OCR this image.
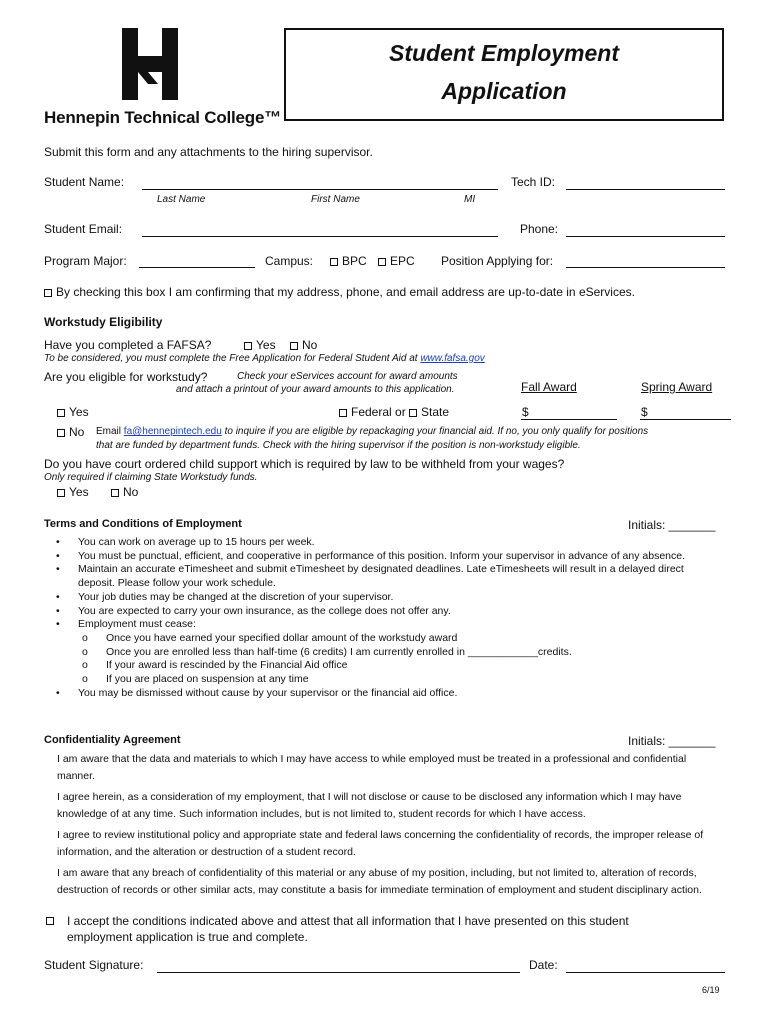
Hennepin Technical College™
Student Employment
Application
Submit this form and any attachments to the hiring supervisor.
Student Name:
Last Name	First Name	MI
Tech ID:
Student Email:	Phone:
Program Major:	Campus:	BPC	EPC Position Applying for:
By checking this box I am confirming that my address, phone, and email address are up-to-date in eServices.
Workstudy Eligibility
Have you completed a FAFSA?	Yes	No
To be considered, you must complete the Free Application for Federal Student Aid at www.fafsa.gov
Are you eligible for workstudy?	Check your eServices account for award amounts
and attach a printout of your award amounts to this application.	Fall Award	Spring Award
Yes	Federal or State	$	$
No Email fa@hennepintech.edu to inquire if you are eligible by repackaging your financial aid. If no, you only qualify for positions
that are funded by department funds. Check with the hiring supervisor if the position is non-workstudy eligible.
Do you have court ordered child support which is required by law to be withheld from your wages?
Only required if claiming State Workstudy funds.
Yes	No
Terms and Conditions of Employment	Initials: _______
• You can work on average up to 15 hours per week.
• You must be punctual, efficient, and cooperative in performance of this position. Inform your supervisor in advance of any absence.
• Maintain an accurate eTimesheet and submit eTimesheet by designated deadlines. Late eTimesheets will result in a delayed direct deposit. Please follow your work schedule.
• Your job duties may be changed at the discretion of your supervisor.
• You are expected to carry your own insurance, as the college does not offer any.
• Employment must cease:
o Once you have earned your specified dollar amount of the workstudy award
o Once you are enrolled less than half-time (6 credits) I am currently enrolled in ____________credits.
o If your award is rescinded by the Financial Aid office
o If you are placed on suspension at any time
• You may be dismissed without cause by your supervisor or the financial aid office.
Confidentiality Agreement	Initials: _______

I am aware that the data and materials to which I may have access to while employed must be treated in a professional and confidential manner.

I agree herein, as a consideration of my employment, that I will not disclose or cause to be disclosed any information which I may have knowledge of at any time. Such information includes, but is not limited to, student records for which I have access.

I agree to review institutional policy and appropriate state and federal laws concerning the confidentiality of records, the improper release of information, and the alteration or destruction of a student record.

I am aware that any breach of confidentiality of this material or any abuse of my position, including, but not limited to, alteration of records, destruction of records or other similar acts, may constitute a basis for immediate termination of employment and student disciplinary action.

I accept the conditions indicated above and attest that all information that I have presented on this student
employment application is true and complete.
Student Signature:	Date:
6/19
